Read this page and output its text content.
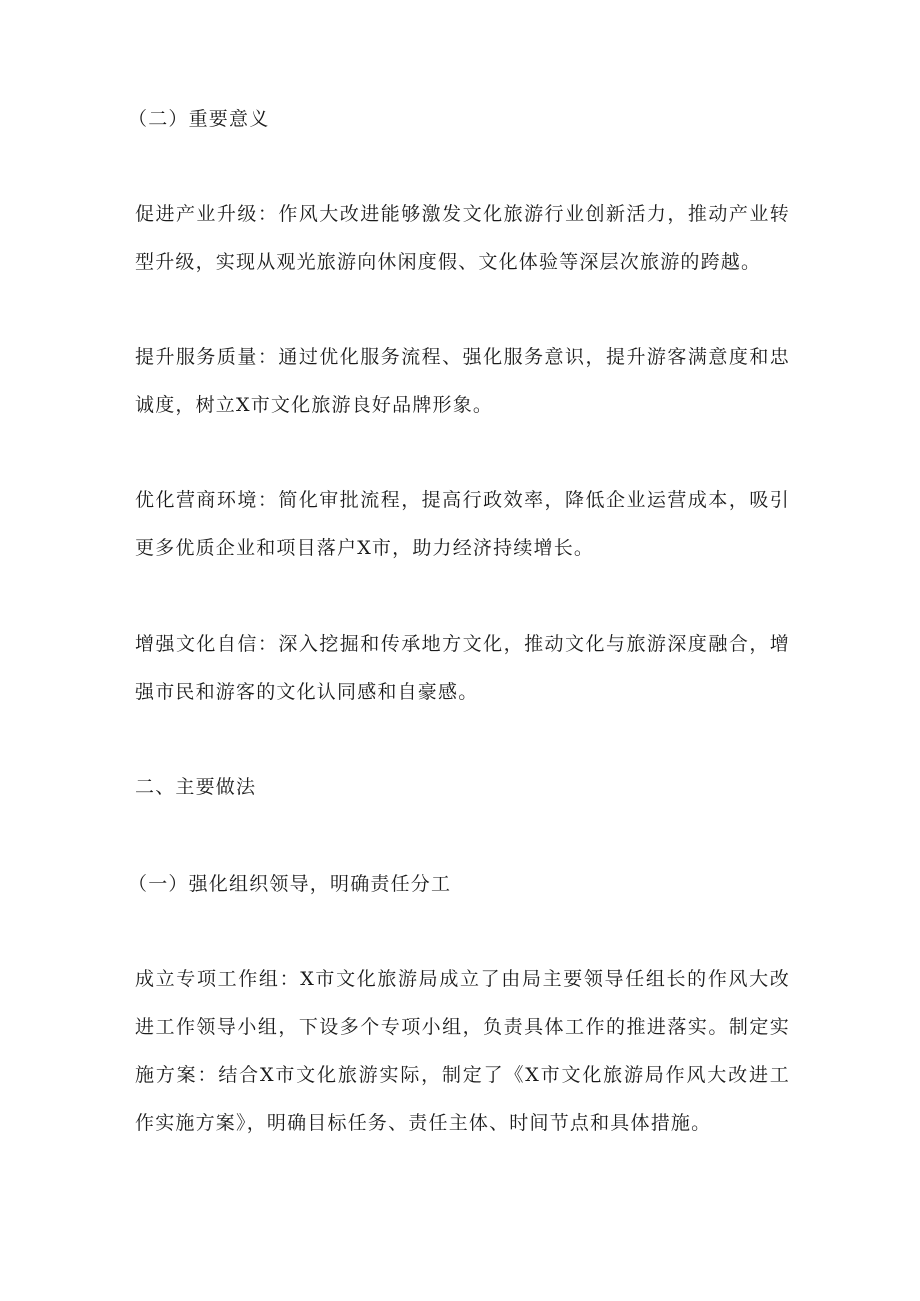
（二）重要意义

促进产业升级：作风大改进能够激发文化旅游行业创新活力，推动产业转型升级，实现从观光旅游向休闲度假、文化体验等深层次旅游的跨越。

提升服务质量：通过优化服务流程、强化服务意识，提升游客满意度和忠诚度，树立X市文化旅游良好品牌形象。

优化营商环境：简化审批流程，提高行政效率，降低企业运营成本，吸引更多优质企业和项目落户X市，助力经济持续增长。

增强文化自信：深入挖掘和传承地方文化，推动文化与旅游深度融合，增强市民和游客的文化认同感和自豪感。

二、主要做法

（一）强化组织领导，明确责任分工

成立专项工作组：X市文化旅游局成立了由局主要领导任组长的作风大改进工作领导小组，下设多个专项小组，负责具体工作的推进落实。制定实施方案：结合X市文化旅游实际，制定了《X市文化旅游局作风大改进工作实施方案》，明确目标任务、责任主体、时间节点和具体措施。
